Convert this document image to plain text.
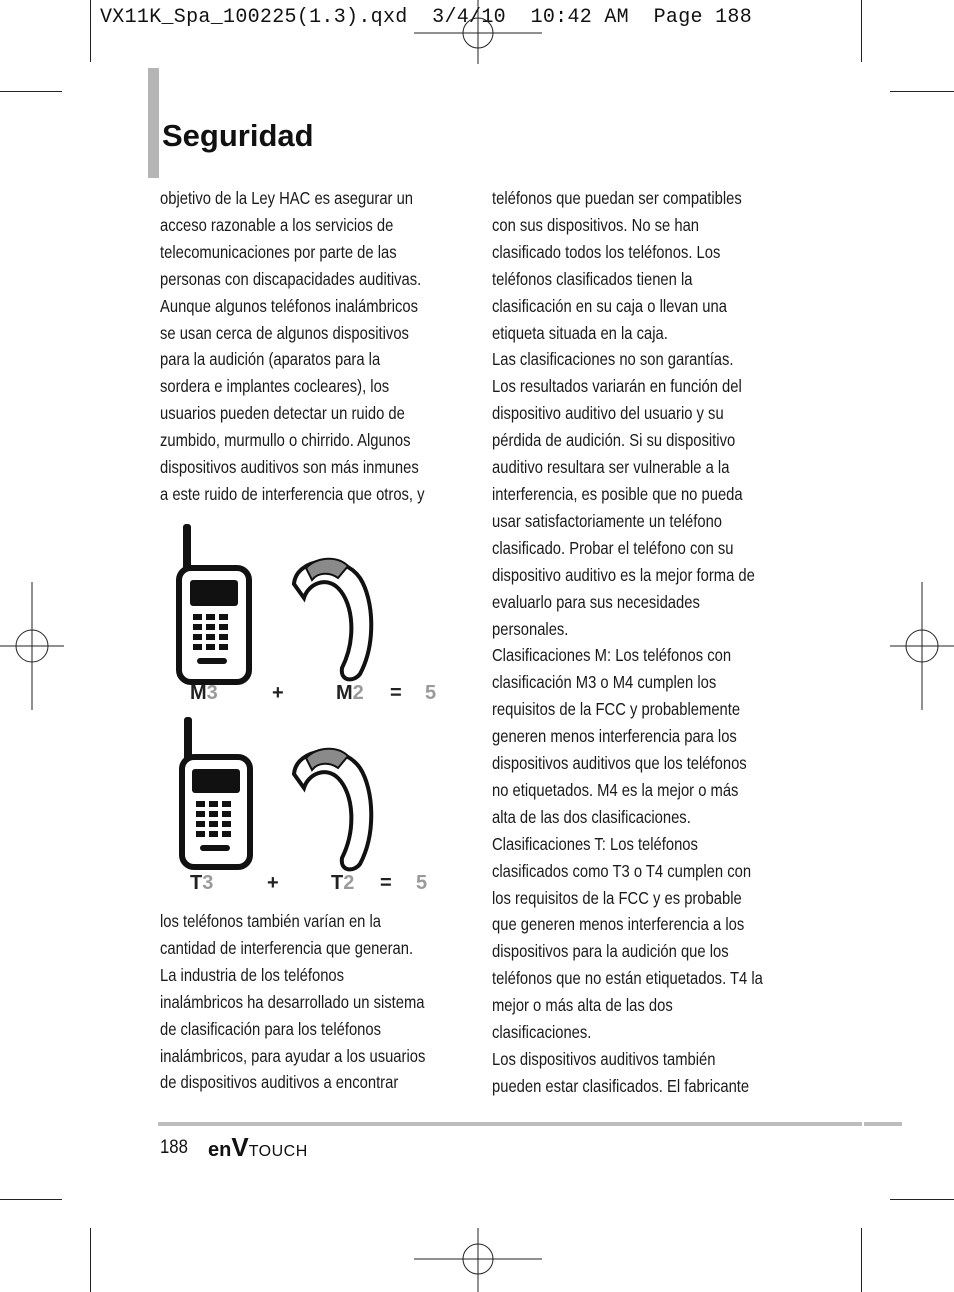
VX11K_Spa_100225(1.3).qxd  3/4/10  10:42 AM  Page 188
Seguridad
objetivo de la Ley HAC es asegurar un
acceso razonable a los servicios de
telecomunicaciones por parte de las
personas con discapacidades auditivas.
Aunque algunos teléfonos inalámbricos
se usan cerca de algunos dispositivos
para la audición (aparatos para la
sordera e implantes cocleares), los
usuarios pueden detectar un ruido de
zumbido, murmullo o chirrido. Algunos
dispositivos auditivos son más inmunes
a este ruido de interferencia que otros, y
M3	+	M2 = 5
T3	+	T2 = 5
los teléfonos también varían en la
cantidad de interferencia que generan.
La industria de los teléfonos
inalámbricos ha desarrollado un sistema
de clasificación para los teléfonos
inalámbricos, para ayudar a los usuarios
de dispositivos auditivos a encontrar
teléfonos que puedan ser compatibles
con sus dispositivos. No se han
clasificado todos los teléfonos. Los
teléfonos clasificados tienen la
clasificación en su caja o llevan una
etiqueta situada en la caja.
Las clasificaciones no son garantías.
Los resultados variarán en función del
dispositivo auditivo del usuario y su
pérdida de audición. Si su dispositivo
auditivo resultara ser vulnerable a la
interferencia, es posible que no pueda
usar satisfactoriamente un teléfono
clasificado. Probar el teléfono con su
dispositivo auditivo es la mejor forma de
evaluarlo para sus necesidades
personales.
Clasificaciones M: Los teléfonos con
clasificación M3 o M4 cumplen los
requisitos de la FCC y probablemente
generen menos interferencia para los
dispositivos auditivos que los teléfonos
no etiquetados. M4 es la mejor o más
alta de las dos clasificaciones.
Clasificaciones T: Los teléfonos
clasificados como T3 o T4 cumplen con
los requisitos de la FCC y es probable
que generen menos interferencia a los
dispositivos para la audición que los
teléfonos que no están etiquetados. T4 la
mejor o más alta de las dos
clasificaciones.
Los dispositivos auditivos también
pueden estar clasificados. El fabricante
188 enVTOUCH
